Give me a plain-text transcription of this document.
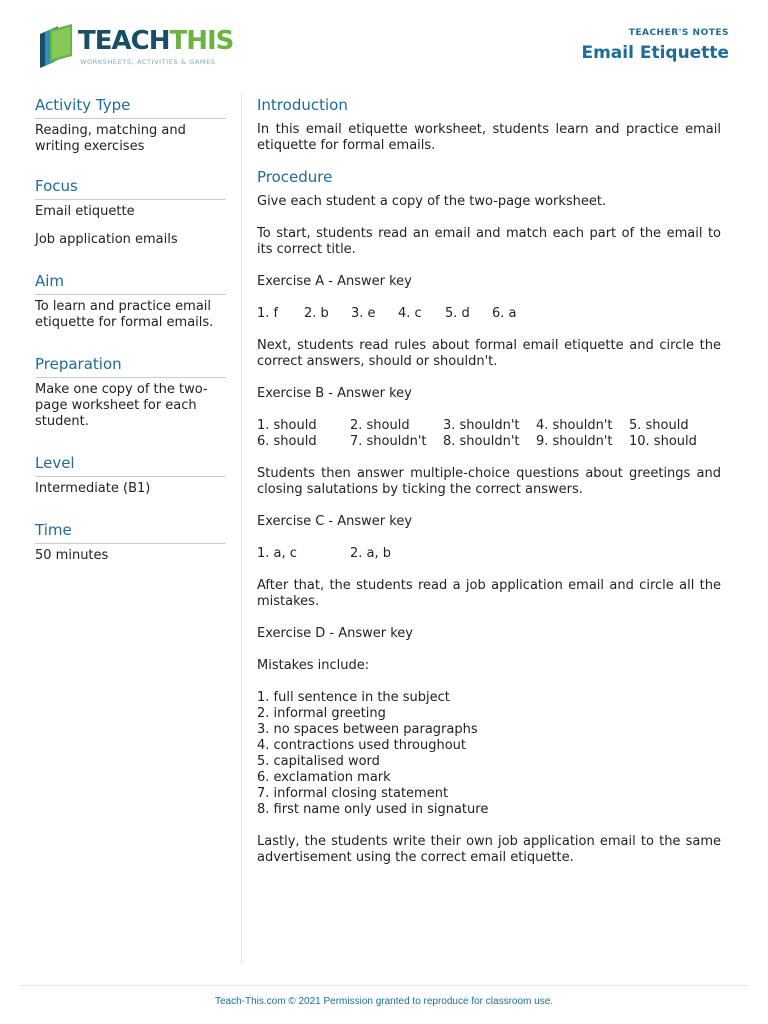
TEACHTHIS
WORKSHEETS, ACTIVITIES & GAMES
TEACHER'S NOTES
Email Etiquette
Activity Type
Reading, matching and writing exercises
Focus
Email etiquette
Job application emails
Aim
To learn and practice email etiquette for formal emails.
Preparation
Make one copy of the two-page worksheet for each student.
Level
Intermediate (B1)
Time
50 minutes
Introduction
In this email etiquette worksheet, students learn and practice email etiquette for formal emails.
Procedure
Give each student a copy of the two-page worksheet.
To start, students read an email and match each part of the email to its correct title.
Exercise A - Answer key
1. f	2. b	3. e	4. c	5. d	6. a
Next, students read rules about formal email etiquette and circle the correct answers, should or shouldn't.
Exercise B - Answer key
1. should	2. should	3. shouldn't	4. shouldn't	5. should
6. should	7. shouldn't	8. shouldn't	9. shouldn't	10. should
Students then answer multiple-choice questions about greetings and closing salutations by ticking the correct answers.
Exercise C - Answer key
1. a, c	2. a, b
After that, the students read a job application email and circle all the mistakes.
Exercise D - Answer key
Mistakes include:
1. full sentence in the subject
2. informal greeting
3. no spaces between paragraphs
4. contractions used throughout
5. capitalised word
6. exclamation mark
7. informal closing statement
8. first name only used in signature
Lastly, the students write their own job application email to the same advertisement using the correct email etiquette.
Teach-This.com © 2021 Permission granted to reproduce for classroom use.
